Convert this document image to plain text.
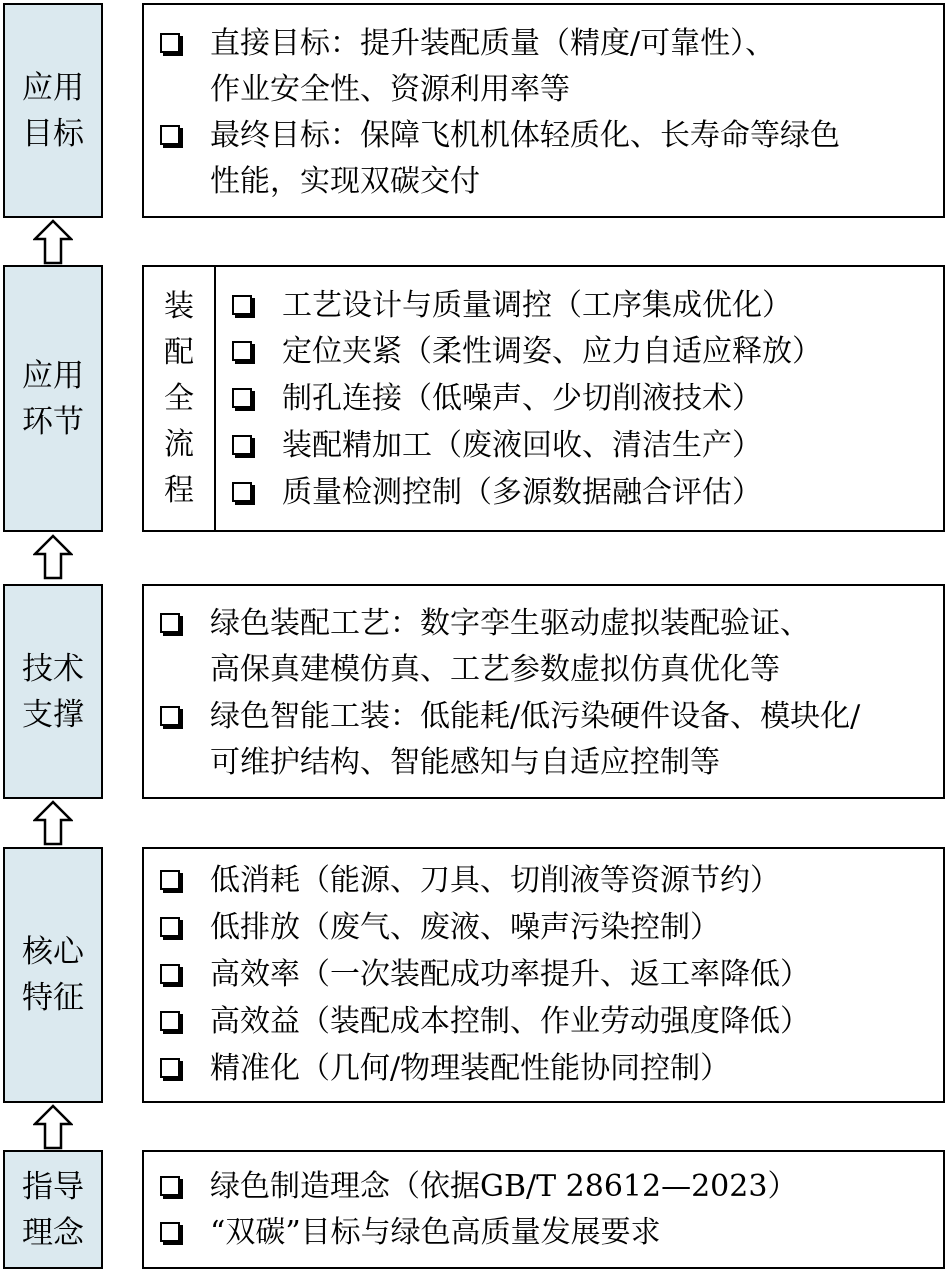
应用
目标
直接目标：提升装配质量（精度/可靠性）、
作业安全性、资源利用率等
最终目标：保障飞机机体轻质化、长寿命等绿色
性能，实现双碳交付
应用
环节
装
配
全
流
程
工艺设计与质量调控（工序集成优化）
定位夹紧（柔性调姿、应力自适应释放）
制孔连接（低噪声、少切削液技术）
装配精加工（废液回收、清洁生产）
质量检测控制（多源数据融合评估）
技术
支撑
绿色装配工艺：数字孪生驱动虚拟装配验证、
高保真建模仿真、工艺参数虚拟仿真优化等
绿色智能工装：低能耗/低污染硬件设备、模块化/
可维护结构、智能感知与自适应控制等
核心
特征
低消耗（能源、刀具、切削液等资源节约）
低排放（废气、废液、噪声污染控制）
高效率（一次装配成功率提升、返工率降低）
高效益（装配成本控制、作业劳动强度降低）
精准化（几何/物理装配性能协同控制）
指导
理念
绿色制造理念（依据GB/T 28612—2023）
“双碳”目标与绿色高质量发展要求
